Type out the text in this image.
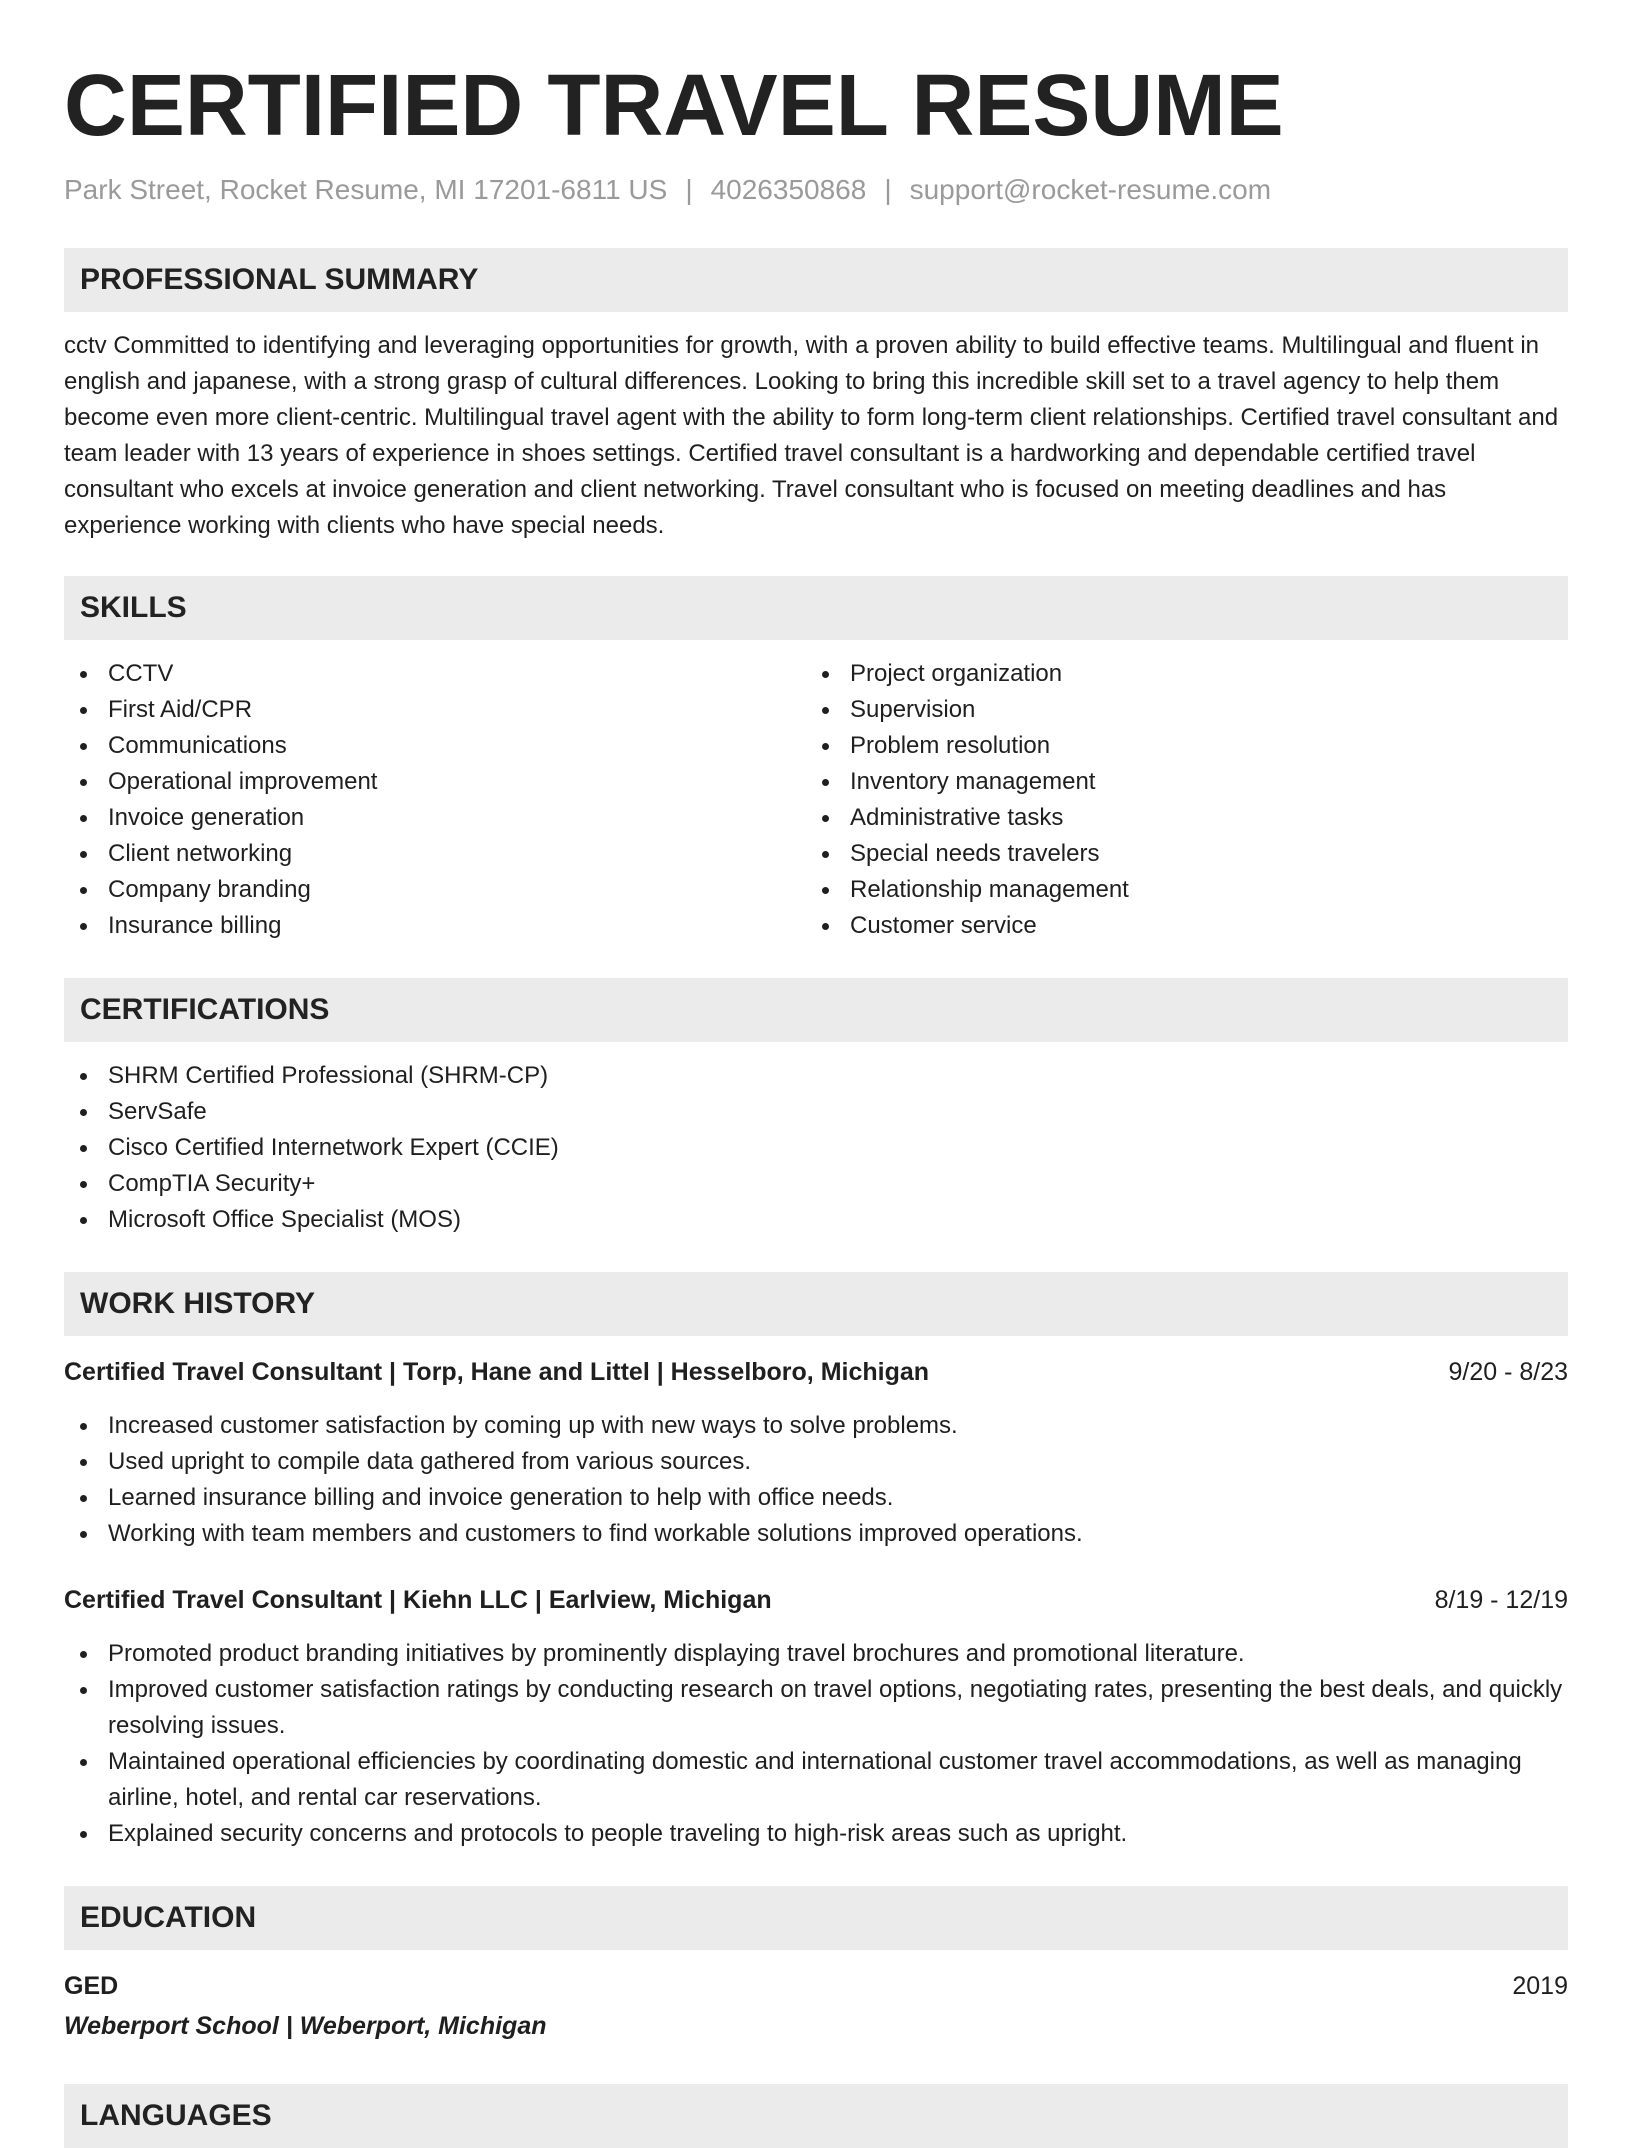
CERTIFIED TRAVEL RESUME
Park Street, Rocket Resume, MI 17201-6811 US | 4026350868 | support@rocket-resume.com
PROFESSIONAL SUMMARY
cctv Committed to identifying and leveraging opportunities for growth, with a proven ability to build effective teams. Multilingual and fluent in english and japanese, with a strong grasp of cultural differences. Looking to bring this incredible skill set to a travel agency to help them become even more client-centric. Multilingual travel agent with the ability to form long-term client relationships. Certified travel consultant and team leader with 13 years of experience in shoes settings. Certified travel consultant is a hardworking and dependable certified travel consultant who excels at invoice generation and client networking. Travel consultant who is focused on meeting deadlines and has experience working with clients who have special needs.
SKILLS
CCTV
First Aid/CPR
Communications
Operational improvement
Invoice generation
Client networking
Company branding
Insurance billing
Project organization
Supervision
Problem resolution
Inventory management
Administrative tasks
Special needs travelers
Relationship management
Customer service
CERTIFICATIONS
SHRM Certified Professional (SHRM-CP)
ServSafe
Cisco Certified Internetwork Expert (CCIE)
CompTIA Security+
Microsoft Office Specialist (MOS)
WORK HISTORY
Certified Travel Consultant | Torp, Hane and Littel | Hesselboro, Michigan	9/20 - 8/23
Increased customer satisfaction by coming up with new ways to solve problems.
Used upright to compile data gathered from various sources.
Learned insurance billing and invoice generation to help with office needs.
Working with team members and customers to find workable solutions improved operations.
Certified Travel Consultant | Kiehn LLC | Earlview, Michigan	8/19 - 12/19
Promoted product branding initiatives by prominently displaying travel brochures and promotional literature.
Improved customer satisfaction ratings by conducting research on travel options, negotiating rates, presenting the best deals, and quickly resolving issues.
Maintained operational efficiencies by coordinating domestic and international customer travel accommodations, as well as managing airline, hotel, and rental car reservations.
Explained security concerns and protocols to people traveling to high-risk areas such as upright.
EDUCATION
GED	2019
Weberport School | Weberport, Michigan
LANGUAGES
